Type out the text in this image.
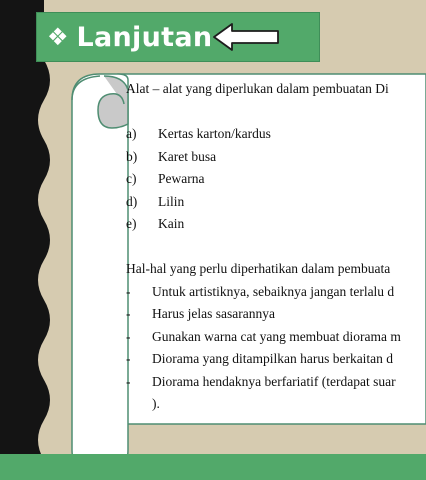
Alat – alat yang diperlukan dalam pembuatan Di
a)	Kertas karton/kardus
b)	Karet busa
c)	Pewarna
d)	Lilin
e)	Kain
Hal-hal yang perlu diperhatikan dalam pembuata
-	Untuk artistiknya, sebaiknya jangan terlalu d
-	Harus jelas sasarannya
-	Gunakan warna cat yang membuat diorama m
-	Diorama yang ditampilkan harus berkaitan d
-	Diorama hendaknya berfariatif (terdapat suar
).
❖ Lanjutan
